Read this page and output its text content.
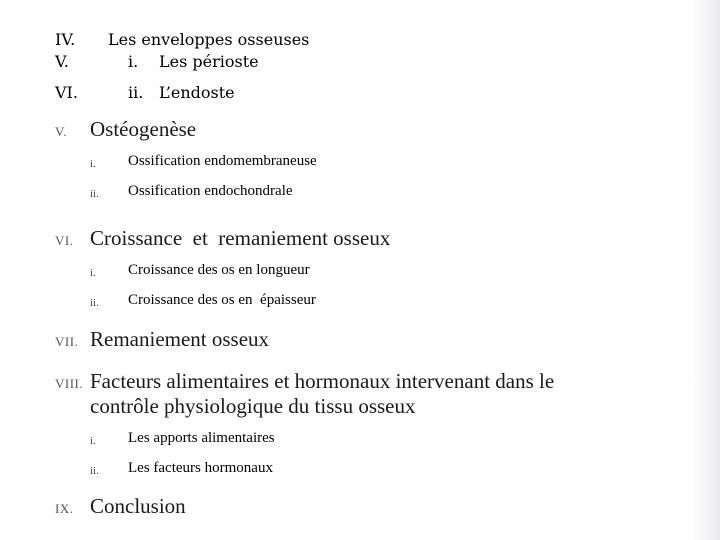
IV. Les enveloppes osseuses
V.	i. Les périoste
VI.	ii. L’endoste
V. Ostéogenèse
i. Ossification endomembraneuse
ii. Ossification endochondrale
VI. Croissance  et  remaniement osseux
i. Croissance des os en longueur
ii. Croissance des os en  épaisseur
VII. Remaniement osseux
VIII. Facteurs alimentaires et hormonaux intervenant dans le
contrôle physiologique du tissu osseux
i. Les apports alimentaires
ii. Les facteurs hormonaux
IX. Conclusion
